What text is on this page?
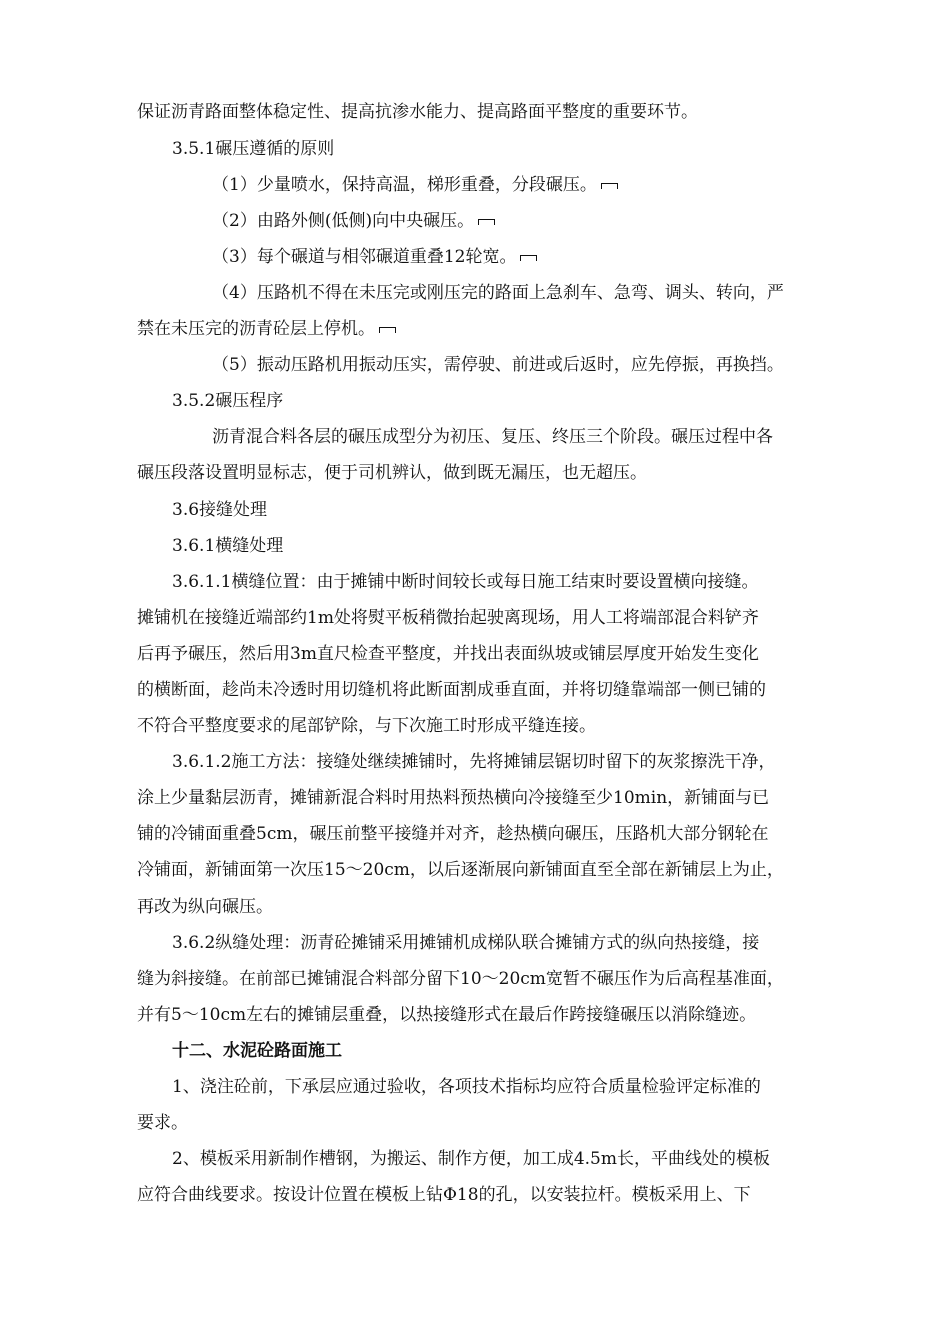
保证沥青路面整体稳定性、提高抗渗水能力、提高路面平整度的重要环节。
3.5.1碾压遵循的原则
（1）少量喷水，保持高温，梯形重叠，分段碾压。
（2）由路外侧(低侧)向中央碾压。
（3）每个碾道与相邻碾道重叠12轮宽。
（4）压路机不得在未压完或刚压完的路面上急刹车、急弯、调头、转向，严
禁在未压完的沥青砼层上停机。
（5）振动压路机用振动压实，需停驶、前进或后返时，应先停振，再换挡。
3.5.2碾压程序
沥青混合料各层的碾压成型分为初压、复压、终压三个阶段。碾压过程中各
碾压段落设置明显标志，便于司机辨认，做到既无漏压，也无超压。
3.6接缝处理
3.6.1横缝处理
3.6.1.1横缝位置：由于摊铺中断时间较长或每日施工结束时要设置横向接缝。
摊铺机在接缝近端部约1m处将熨平板稍微抬起驶离现场，用人工将端部混合料铲齐
后再予碾压，然后用3m直尺检查平整度，并找出表面纵坡或铺层厚度开始发生变化
的横断面，趁尚未冷透时用切缝机将此断面割成垂直面，并将切缝靠端部一侧已铺的
不符合平整度要求的尾部铲除，与下次施工时形成平缝连接。
3.6.1.2施工方法：接缝处继续摊铺时，先将摊铺层锯切时留下的灰浆擦洗干净，
涂上少量黏层沥青，摊铺新混合料时用热料预热横向冷接缝至少10min，新铺面与已
铺的冷铺面重叠5cm，碾压前整平接缝并对齐，趁热横向碾压，压路机大部分钢轮在
冷铺面，新铺面第一次压15～20cm，以后逐渐展向新铺面直至全部在新铺层上为止，
再改为纵向碾压。
3.6.2纵缝处理：沥青砼摊铺采用摊铺机成梯队联合摊铺方式的纵向热接缝，接
缝为斜接缝。在前部已摊铺混合料部分留下10～20cm宽暂不碾压作为后高程基准面，
并有5～10cm左右的摊铺层重叠，以热接缝形式在最后作跨接缝碾压以消除缝迹。
十二、水泥砼路面施工
1、浇注砼前，下承层应通过验收，各项技术指标均应符合质量检验评定标准的
要求。
2、模板采用新制作槽钢，为搬运、制作方便，加工成4.5m长，平曲线处的模板
应符合曲线要求。按设计位置在模板上钻Φ18的孔，以安装拉杆。模板采用上、下
